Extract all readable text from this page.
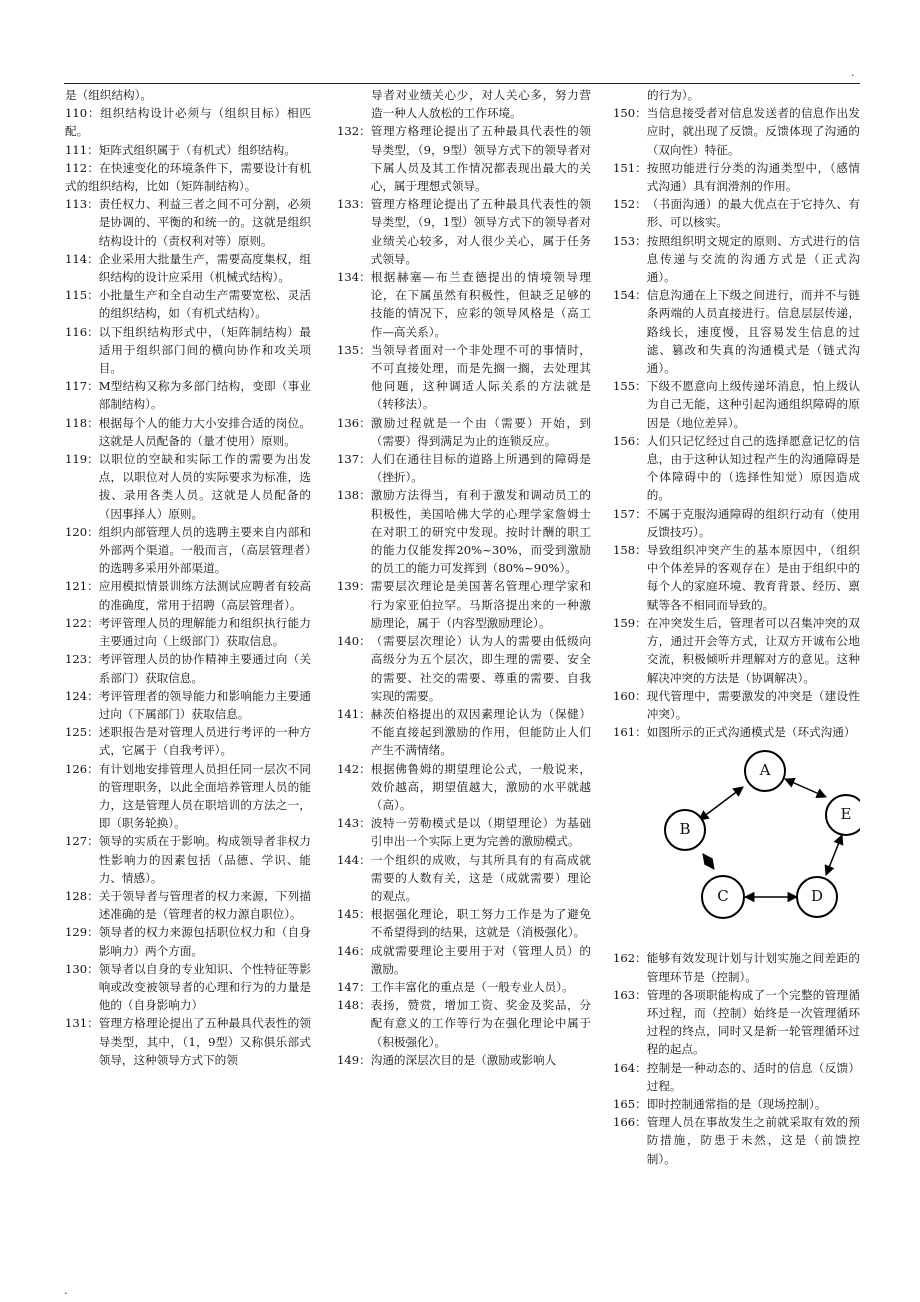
.
是（组织结构）。
110：组织结构设计必须与（组织目标）相匹配。
111：矩阵式组织属于（有机式）组织结构。
112：在快速变化的环境条件下，需要设计有机式的组织结构，比如（矩阵制结构）。
113： 责任权力、利益三者之间不可分割，必须是协调的、平衡的和统一的。这就是组织结构设计的（责权利对等）原则。
114： 企业采用大批量生产，需要高度集权，组织结构的设计应采用（机械式结构）。
115： 小批量生产和全自动生产需要宽松、灵活的组织结构，如（有机式结构）。
116： 以下组织结构形式中，（矩阵制结构）最适用于组织部门间的横向协作和攻关项目。
117： M型结构又称为多部门结构，变即（事业部制结构）。
118： 根据每个人的能力大小安排合适的岗位。这就是人员配备的（量才使用）原则。
119： 以职位的空缺和实际工作的需要为出发点，以职位对人员的实际要求为标准，选拔、录用各类人员。这就是人员配备的（因事择人）原则。
120： 组织内部管理人员的选聘主要来自内部和外部两个渠道。一般而言，（高层管理者）的选聘多采用外部渠道。
121： 应用模拟情景训练方法测试应聘者有较高的准确度，常用于招聘（高层管理者）。
122： 考评管理人员的理解能力和组织执行能力主要通过向（上级部门）获取信息。
123： 考评管理人员的协作精神主要通过向（关系部门）获取信息。
124： 考评管理者的领导能力和影响能力主要通过向（下属部门）获取信息。
125： 述职报告是对管理人员进行考评的一种方式，它属于（自我考评）。
126： 有计划地安排管理人员担任同一层次不同的管理职务，以此全面培养管理人员的能力，这是管理人员在职培训的方法之一，即（职务轮换）。
127： 领导的实质在于影响。构成领导者非权力性影响力的因素包括（品德、学识、能力、情感）。
128： 关于领导者与管理者的权力来源，下列描述准确的是（管理者的权力源自职位）。
129： 领导者的权力来源包括职位权力和（自身影响力）两个方面。
130： 领导者以自身的专业知识、个性特征等影响或改变被领导者的心理和行为的力量是他的（自身影响力）
131： 管理方格理论提出了五种最具代表性的领导类型，其中，（1，9型）又称俱乐部式领导，这种领导方式下的领
导者对业绩关心少，对人关心多，努力营造一种人人放松的工作环境。
132： 管理方格理论提出了五种最具代表性的领导类型，（9，9型）领导方式下的领导者对下属人员及其工作情况都表现出最大的关心，属于理想式领导。
133： 管理方格理论提出了五种最具代表性的领导类型，（9，1型）领导方式下的领导者对业绩关心较多，对人很少关心，属于任务式领导。
134： 根据赫塞—布兰查德提出的情境领导理论，在下属虽然有积极性，但缺乏足够的技能的情况下，应彩的领导风格是（高工作—高关系）。
135： 当领导者面对一个非处理不可的事情时，不可直接处理，而是先搁一搁，去处理其他问题，这种调适人际关系的方法就是（转移法）。
136： 激励过程就是一个由（需要）开始，到（需要）得到满足为止的连锁反应。
137： 人们在通往目标的道路上所遇到的障碍是（挫折）。
138： 激励方法得当，有利于激发和调动员工的积极性，美国哈佛大学的心理学家詹姆士在对职工的研究中发现。按时计酬的职工的能力仅能发挥20%~30%，而受到激励的员工的能力可发挥到（80%~90%）。
139： 需要层次理论是美国著名管理心理学家和行为家亚伯拉罕。马斯洛提出来的一种激励理论，属于（内容型激励理论）。
140： （需要层次理论）认为人的需要由低级向高级分为五个层次，即生理的需要、安全的需要、社交的需要、尊重的需要、自我实现的需要。
141： 赫茨伯格提出的双因素理论认为（保健）不能直接起到激励的作用，但能防止人们产生不满情绪。
142： 根据佛鲁姆的期望理论公式，一般说来，效价越高，期望值越大，激励的水平就越（高）。
143： 波特一劳勒模式是以（期望理论）为基础引申出一个实际上更为完善的激励模式。
144： 一个组织的成败，与其所具有的有高成就需要的人数有关，这是（成就需要）理论的观点。
145： 根据强化理论，职工努力工作是为了避免不希望得到的结果，这就是（消极强化）。
146： 成就需要理论主要用于对（管理人员）的激励。
147： 工作丰富化的重点是（一般专业人员）。
148： 表扬，赞赏，增加工资、奖金及奖品，分配有意义的工作等行为在强化理论中属于（积极强化）。
149： 沟通的深层次目的是（激励或影响人
的行为）。
150： 当信息接受者对信息发送者的信息作出发应时，就出现了反馈。反馈体现了沟通的（双向性）特征。
151： 按照功能进行分类的沟通类型中，（感情式沟通）具有润滑剂的作用。
152： （书面沟通）的最大优点在于它持久、有形、可以核实。
153： 按照组织明文规定的原则、方式进行的信息传递与交流的沟通方式是（正式沟通）。
154： 信息沟通在上下级之间进行，而并不与链条两端的人员直接进行。信息层层传递，路线长，速度慢，且容易发生信息的过滤、篡改和失真的沟通模式是（链式沟通）。
155： 下级不愿意向上级传递坏消息，怕上级认为自己无能，这种引起沟通组织障碍的原因是（地位差异）。
156： 人们只记忆经过自己的选择愿意记忆的信息，由于这种认知过程产生的沟通障碍是个体障碍中的（选择性知觉）原因造成的。
157： 不属于克服沟通障碍的组织行动有（使用反馈技巧）。
158： 导致组织冲突产生的基本原因中，（组织中个体差异的客观存在）是由于组织中的每个人的家庭环境、教育背景、经历、禀赋等各不相同而导致的。
159： 在冲突发生后，管理者可以召集冲突的双方，通过开会等方式，让双方开诚布公地交流，积极倾听并理解对方的意见。这种解决冲突的方法是（协调解决）。
160： 现代管理中，需要激发的冲突是（建设性冲突）。
161： 如图所示的正式沟通模式是（环式沟通）
A
B
C	D
E
162： 能够有效发现计划与计划实施之间差距的管理环节是（控制）。
163： 管理的各项职能构成了一个完整的管理循环过程，而（控制）始终是一次管理循环过程的终点，同时又是新一轮管理循环过程的起点。
164： 控制是一种动态的、适时的信息（反馈）过程。
165： 即时控制通常指的是（现场控制）。
166： 管理人员在事故发生之前就采取有效的预防措施，防患于未然，这是（前馈控制）。
.
